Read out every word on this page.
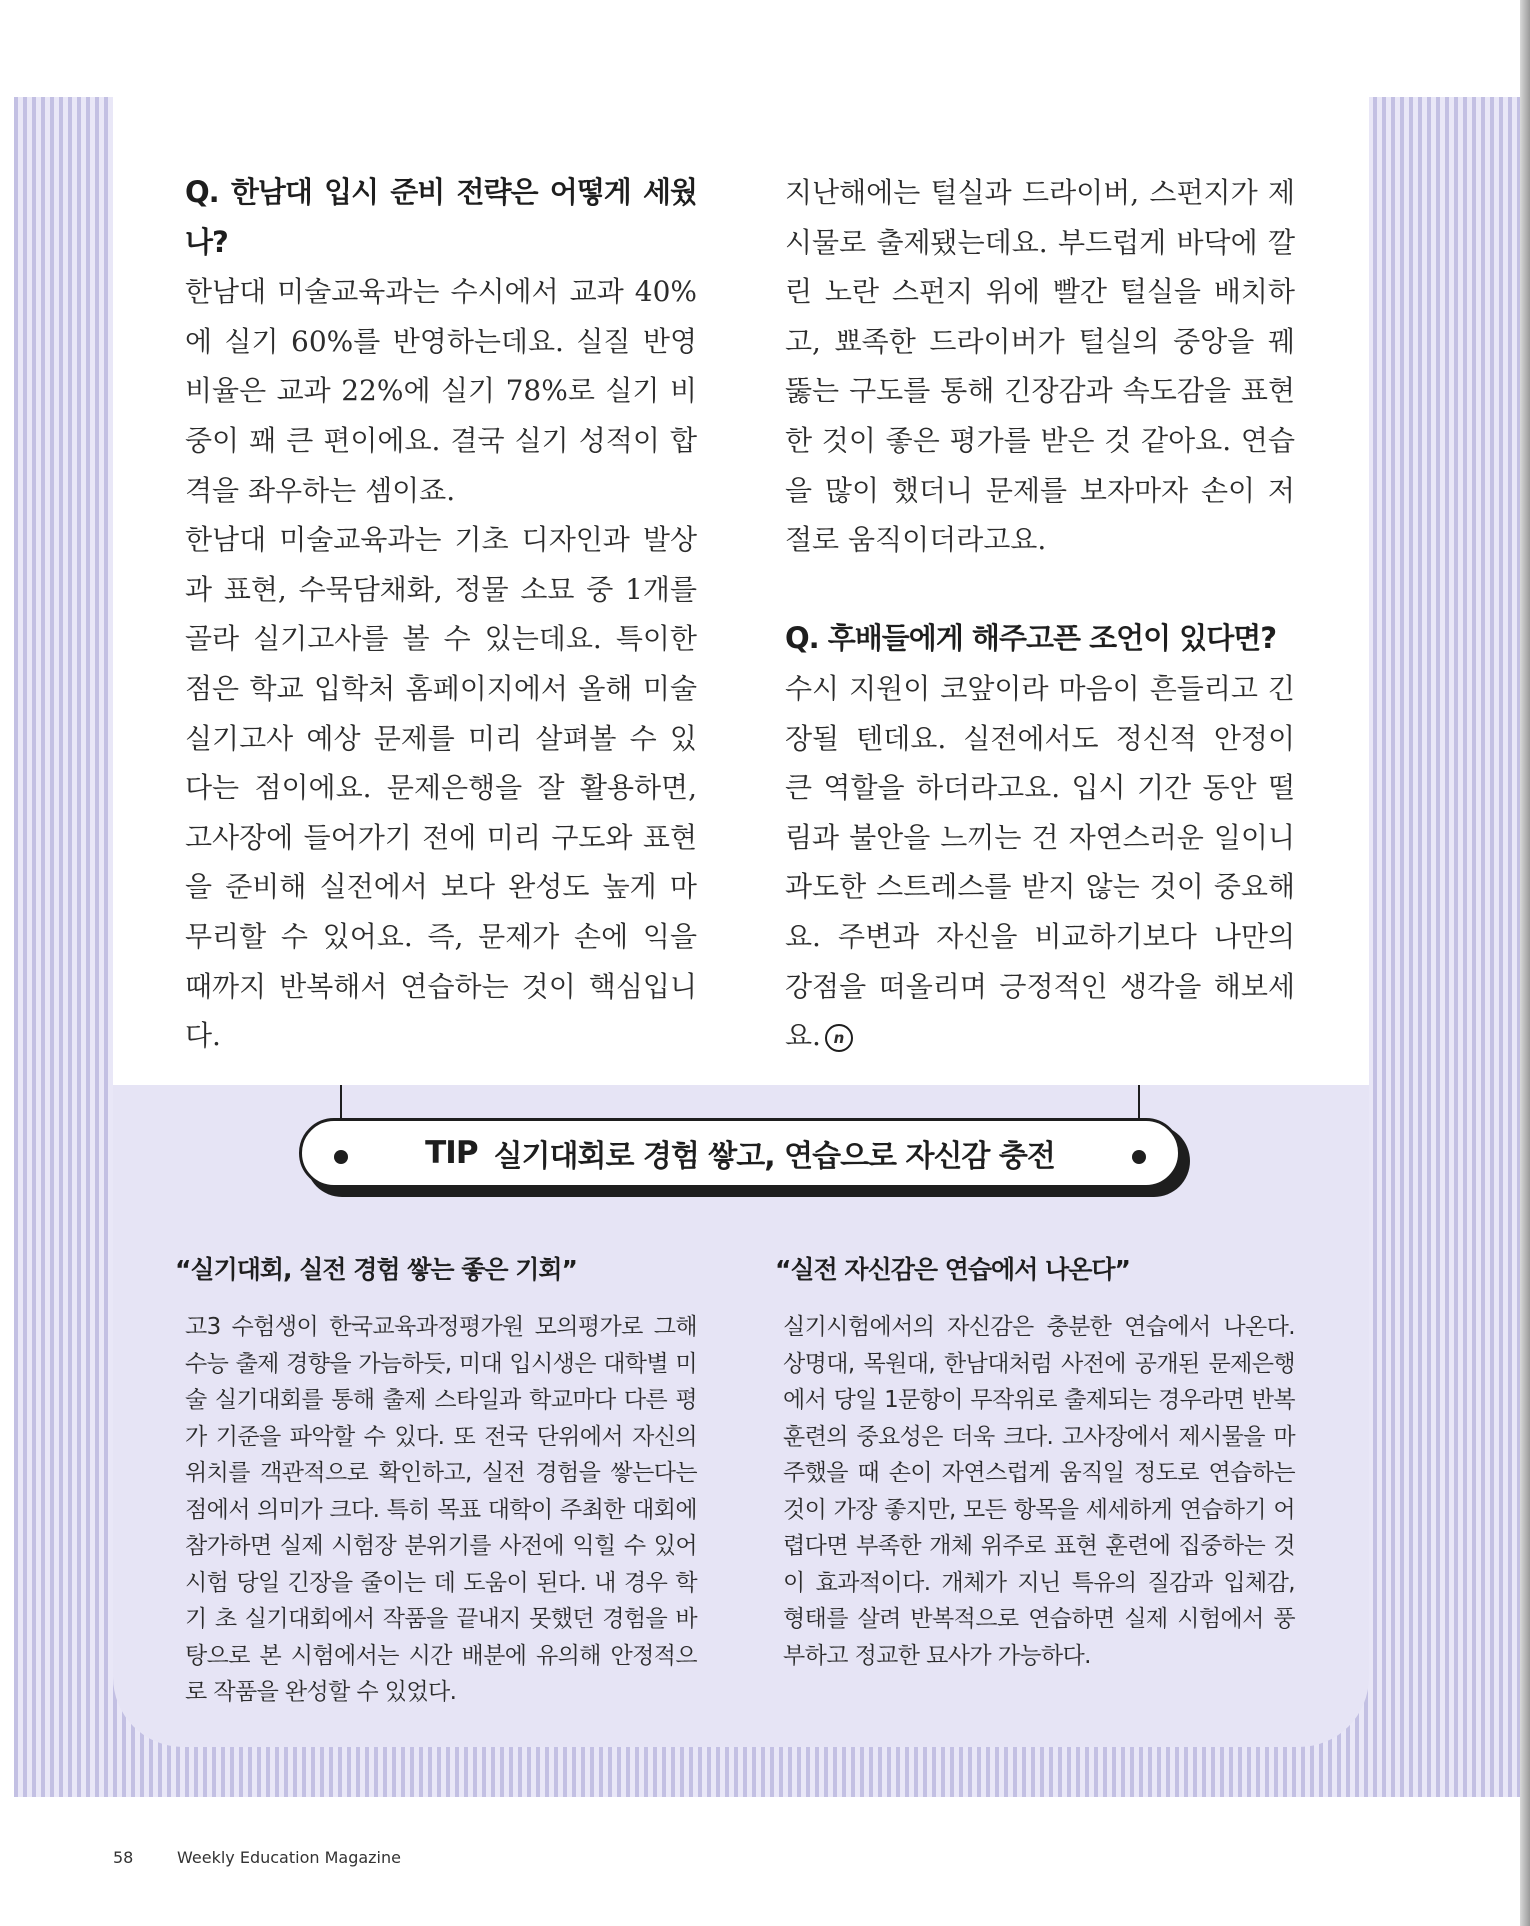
Q. 한남대 입시 준비 전략은 어떻게 세웠나?

한남대 미술교육과는 수시에서 교과 40%에 실기 60%를 반영하는데요. 실질 반영 비율은 교과 22%에 실기 78%로 실기 비중이 꽤 큰 편이에요. 결국 실기 성적이 합격을 좌우하는 셈이죠.

한남대 미술교육과는 기초 디자인과 발상과 표현, 수묵담채화, 정물 소묘 중 1개를 골라 실기고사를 볼 수 있는데요. 특이한 점은 학교 입학처 홈페이지에서 올해 미술 실기고사 예상 문제를 미리 살펴볼 수 있다는 점이에요. 문제은행을 잘 활용하면, 고사장에 들어가기 전에 미리 구도와 표현을 준비해 실전에서 보다 완성도 높게 마무리할 수 있어요. 즉, 문제가 손에 익을 때까지 반복해서 연습하는 것이 핵심입니다.

지난해에는 털실과 드라이버, 스펀지가 제시물로 출제됐는데요. 부드럽게 바닥에 깔린 노란 스펀지 위에 빨간 털실을 배치하고, 뾰족한 드라이버가 털실의 중앙을 꿰뚫는 구도를 통해 긴장감과 속도감을 표현한 것이 좋은 평가를 받은 것 같아요. 연습을 많이 했더니 문제를 보자마자 손이 저절로 움직이더라고요.

Q. 후배들에게 해주고픈 조언이 있다면?

수시 지원이 코앞이라 마음이 흔들리고 긴장될 텐데요. 실전에서도 정신적 안정이 큰 역할을 하더라고요. 입시 기간 동안 떨림과 불안을 느끼는 건 자연스러운 일이니 과도한 스트레스를 받지 않는 것이 중요해요. 주변과 자신을 비교하기보다 나만의 강점을 떠올리며 긍정적인 생각을 해보세요. n

TIP 실기대회로 경험 쌓고, 연습으로 자신감 충전
“실기대회, 실전 경험 쌓는 좋은 기회”	“실전 자신감은 연습에서 나온다”
고3 수험생이 한국교육과정평가원 모의평가로 그해 수능 출제 경향을 가늠하듯, 미대 입시생은 대학별 미술 실기대회를 통해 출제 스타일과 학교마다 다른 평가 기준을 파악할 수 있다. 또 전국 단위에서 자신의 위치를 객관적으로 확인하고, 실전 경험을 쌓는다는 점에서 의미가 크다. 특히 목표 대학이 주최한 대회에 참가하면 실제 시험장 분위기를 사전에 익힐 수 있어 시험 당일 긴장을 줄이는 데 도움이 된다. 내 경우 학기 초 실기대회에서 작품을 끝내지 못했던 경험을 바탕으로 본 시험에서는 시간 배분에 유의해 안정적으로 작품을 완성할 수 있었다.
실기시험에서의 자신감은 충분한 연습에서 나온다. 상명대, 목원대, 한남대처럼 사전에 공개된 문제은행에서 당일 1문항이 무작위로 출제되는 경우라면 반복 훈련의 중요성은 더욱 크다. 고사장에서 제시물을 마주했을 때 손이 자연스럽게 움직일 정도로 연습하는 것이 가장 좋지만, 모든 항목을 세세하게 연습하기 어렵다면 부족한 개체 위주로 표현 훈련에 집중하는 것이 효과적이다. 개체가 지닌 특유의 질감과 입체감, 형태를 살려 반복적으로 연습하면 실제 시험에서 풍부하고 정교한 묘사가 가능하다.
58	Weekly Education Magazine
